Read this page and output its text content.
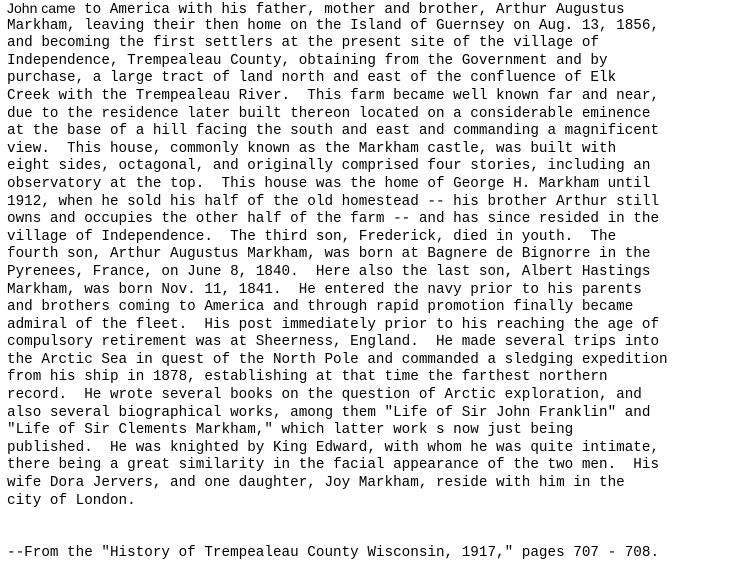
John came to America with his father, mother and brother, Arthur Augustus
Markham, leaving their then home on the Island of Guernsey on Aug. 13, 1856,
and becoming the first settlers at the present site of the village of
Independence, Trempealeau County, obtaining from the Government and by
purchase, a large tract of land north and east of the confluence of Elk
Creek with the Trempealeau River.  This farm became well known far and near,
due to the residence later built thereon located on a considerable eminence
at the base of a hill facing the south and east and commanding a magnificent
view.  This house, commonly known as the Markham castle, was built with
eight sides, octagonal, and originally comprised four stories, including an
observatory at the top.  This house was the home of George H. Markham until
1912, when he sold his half of the old homestead -- his brother Arthur still
owns and occupies the other half of the farm -- and has since resided in the
village of Independence.  The third son, Frederick, died in youth.  The
fourth son, Arthur Augustus Markham, was born at Bagnere de Bignorre in the
Pyrenees, France, on June 8, 1840.  Here also the last son, Albert Hastings
Markham, was born Nov. 11, 1841.  He entered the navy prior to his parents
and brothers coming to America and through rapid promotion finally became
admiral of the fleet.  His post immediately prior to his reaching the age of
compulsory retirement was at Sheerness, England.  He made several trips into
the Arctic Sea in quest of the North Pole and commanded a sledging expedition
from his ship in 1878, establishing at that time the farthest northern
record.  He wrote several books on the question of Arctic exploration, and
also several biographical works, among them "Life of Sir John Franklin" and
"Life of Sir Clements Markham," which latter work s now just being
published.  He was knighted by King Edward, with whom he was quite intimate,
there being a great similarity in the facial appearance of the two men.  His
wife Dora Jervers, and one daughter, Joy Markham, reside with him in the
city of London.
--From the "History of Trempealeau County Wisconsin, 1917," pages 707 - 708.
